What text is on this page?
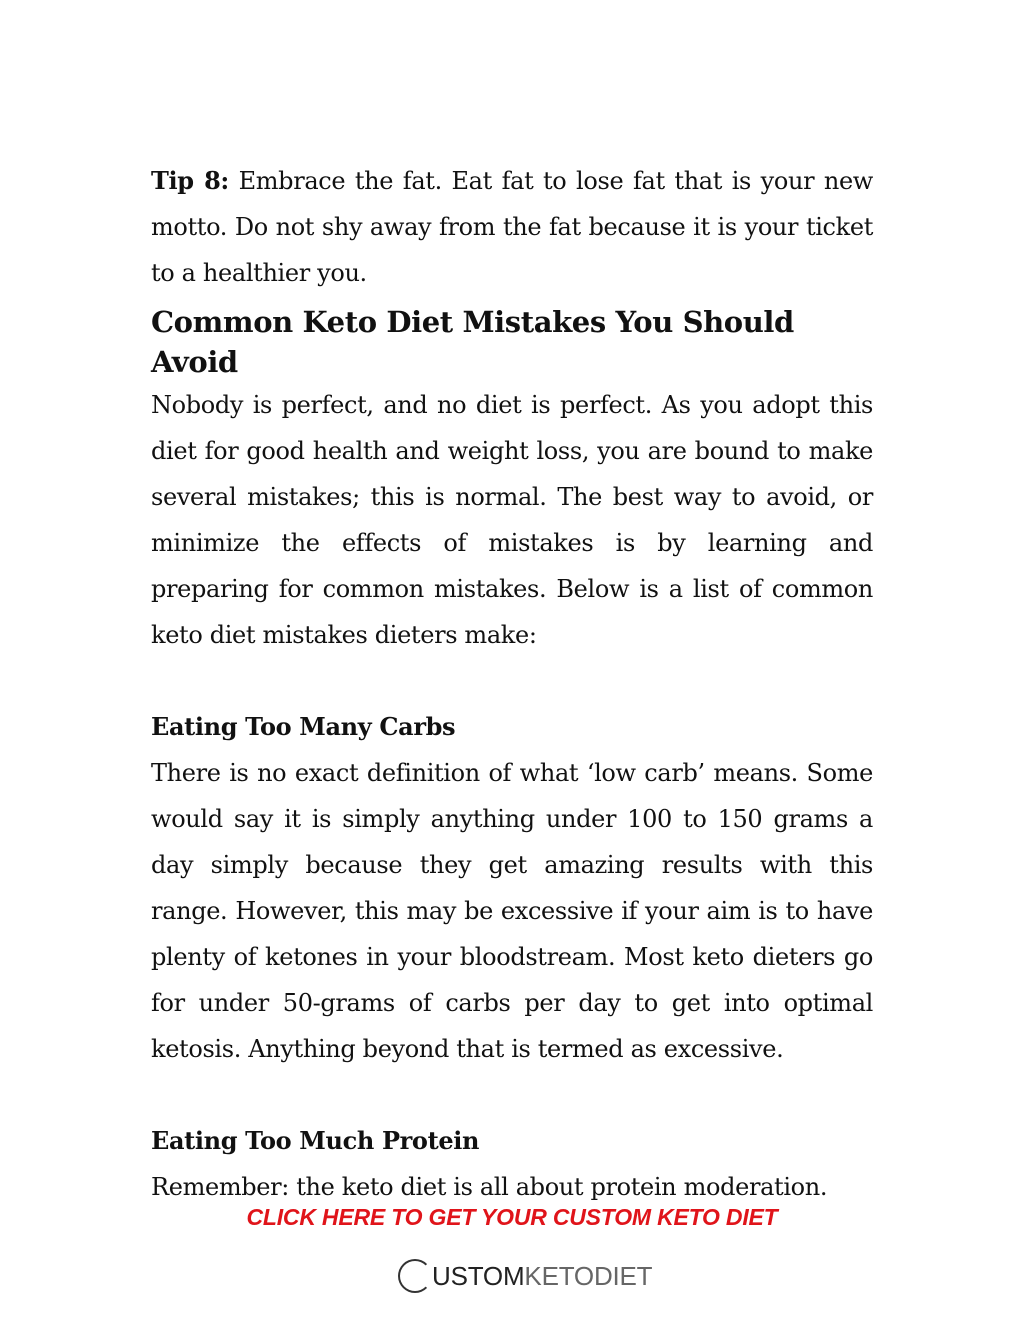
Tip 8: Embrace the fat. Eat fat to lose fat that is your new motto. Do not shy away from the fat because it is your ticket to a healthier you.

Common Keto Diet Mistakes You Should Avoid

Nobody is perfect, and no diet is perfect. As you adopt this diet for good health and weight loss, you are bound to make several mistakes; this is normal. The best way to avoid, or minimize the effects of mistakes is by learning and preparing for common mistakes. Below is a list of common keto diet mistakes dieters make:

Eating Too Many Carbs

There is no exact definition of what ‘low carb’ means. Some would say it is simply anything under 100 to 150 grams a day simply because they get amazing results with this range. However, this may be excessive if your aim is to have plenty of ketones in your bloodstream. Most keto dieters go for under 50-grams of carbs per day to get into optimal ketosis. Anything beyond that is termed as excessive.

Eating Too Much Protein

Remember: the keto diet is all about protein moderation.

CLICK HERE TO GET YOUR CUSTOM KETO DIET
USTOM KETODIET
